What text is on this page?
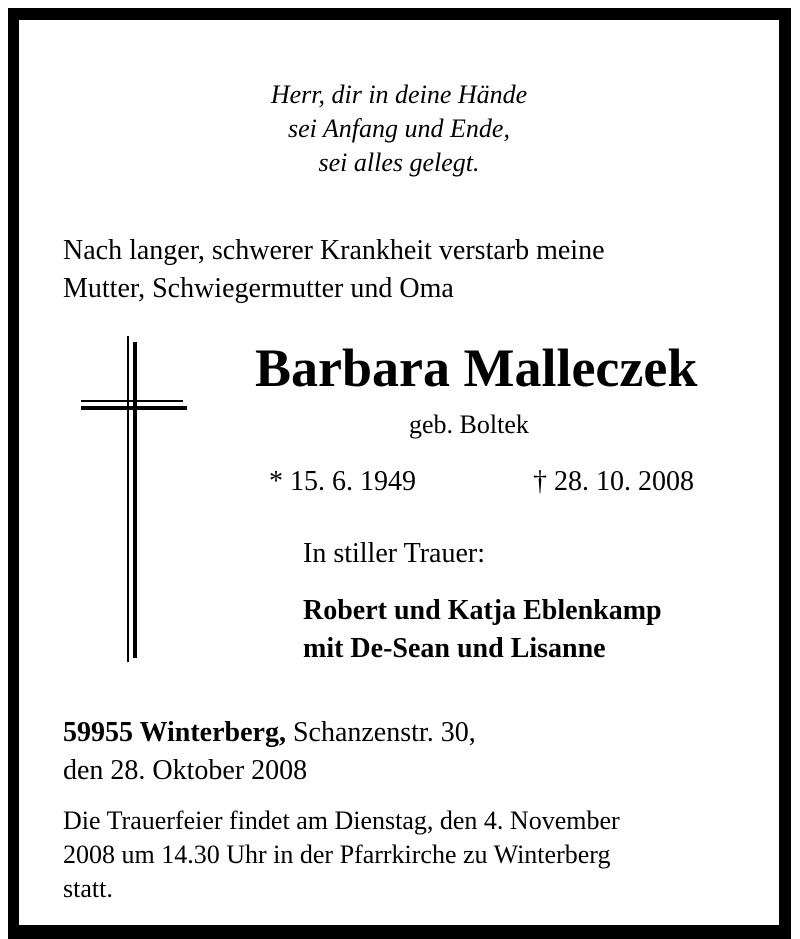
Herr, dir in deine Hände
sei Anfang und Ende,
sei alles gelegt.
Nach langer, schwerer Krankheit verstarb meine
Mutter, Schwiegermutter und Oma
Barbara Malleczek
geb. Boltek
* 15. 6. 1949	† 28. 10. 2008
In stiller Trauer:
Robert und Katja Eblenkamp
mit De-Sean und Lisanne
59955 Winterberg, Schanzenstr. 30,
den 28. Oktober 2008
Die Trauerfeier findet am Dienstag, den 4. November
2008 um 14.30 Uhr in der Pfarrkirche zu Winterberg
statt.
